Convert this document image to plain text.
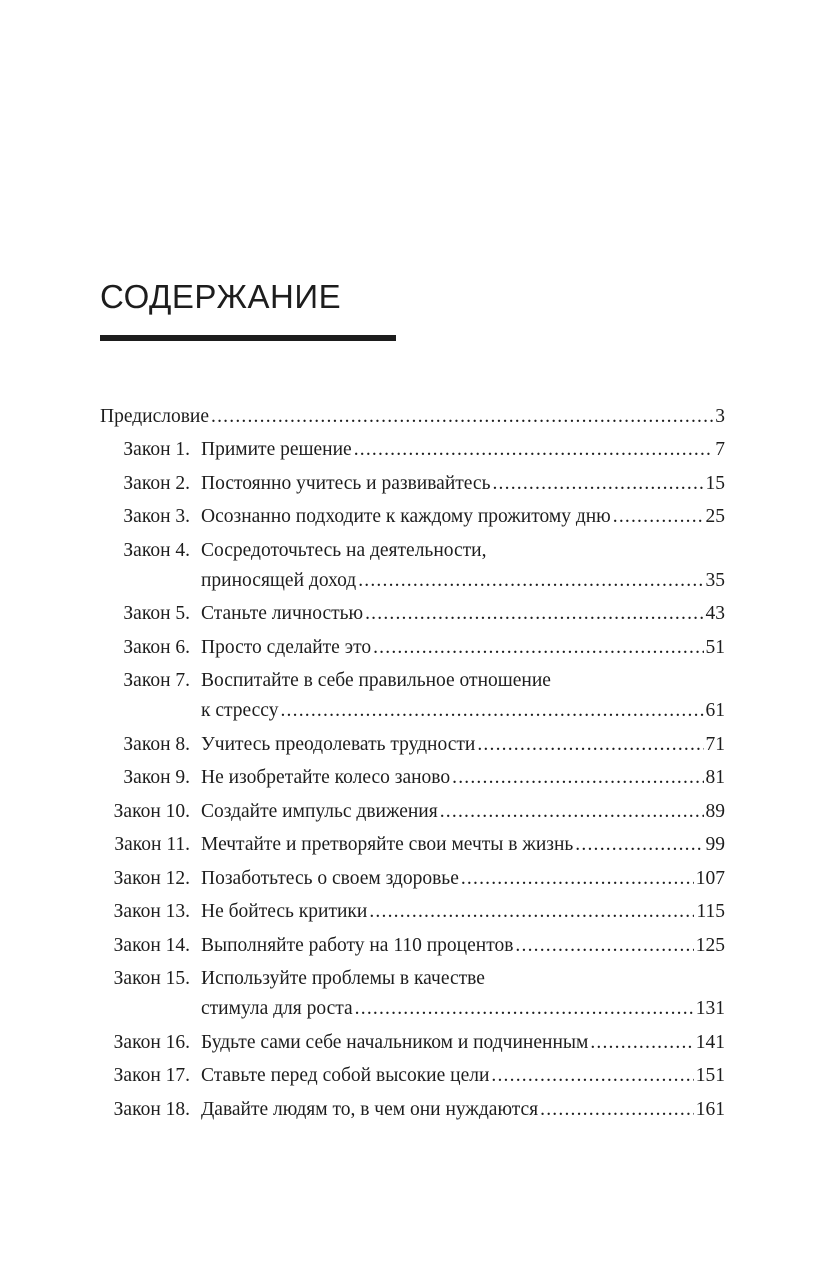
СОДЕРЖАНИЕ
Предисловие .....	3
Закон 1. Примите решение .....	7
Закон 2. Постоянно учитесь и развивайтесь .....	15
Закон 3. Осознанно подходите к каждому прожитому дню .....	25
Закон 4. Сосредоточьтесь на деятельности,
приносящей доход .....	35
Закон 5. Станьте личностью .....	43
Закон 6. Просто сделайте это .....	51
Закон 7. Воспитайте в себе правильное отношение
к стрессу .....	61
Закон 8. Учитесь преодолевать трудности .....	71
Закон 9. Не изобретайте колесо заново .....	81
Закон 10. Создайте импульс движения .....	89
Закон 11. Мечтайте и претворяйте свои мечты в жизнь .....	99
Закон 12. Позаботьтесь о своем здоровье .....	107
Закон 13. Не бойтесь критики .....	115
Закон 14. Выполняйте работу на 110 процентов .....	125
Закон 15. Используйте проблемы в качестве
стимула для роста .....	131
Закон 16. Будьте сами себе начальником и подчиненным .....	141
Закон 17. Ставьте перед собой высокие цели .....	151
Закон 18. Давайте людям то, в чем они нуждаются .....	161
